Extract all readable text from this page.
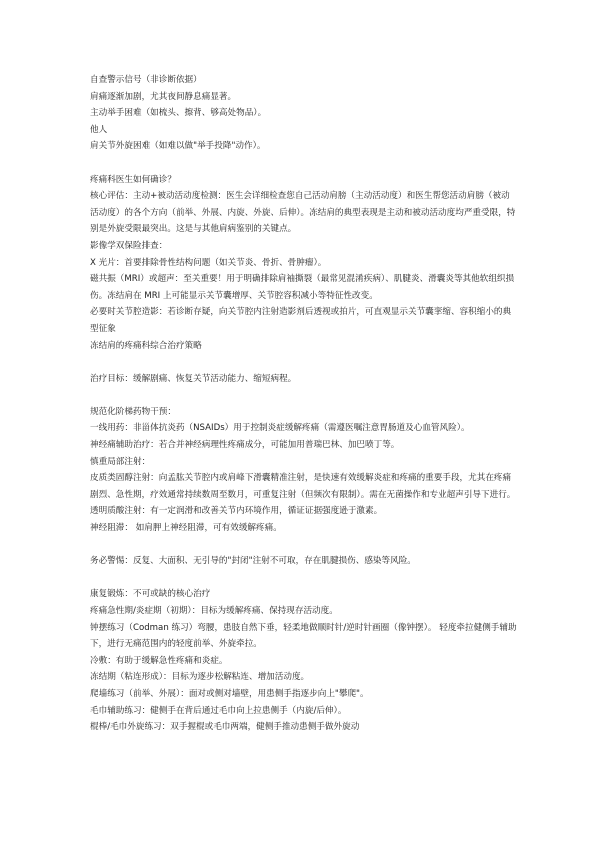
自查警示信号（非诊断依据）

肩痛逐渐加剧，尤其夜间静息痛显著。

主动举手困难（如梳头、擦背、够高处物品）。

他人

肩关节外旋困难（如难以做"举手投降"动作）。

疼痛科医生如何确诊？

核心评估：主动+被动活动度检测：医生会详细检查您自己活动肩膀（主动活动度）和医生帮您活动肩膀（被动活动度）的各个方向（前举、外展、内旋、外旋、后伸）。冻结肩的典型表现是主动和被动活动度均严重受限，特别是外旋受限最突出。这是与其他肩病鉴别的关键点。

影像学双保险排查：

X 光片：首要排除骨性结构问题（如关节炎、骨折、骨肿瘤）。

磁共振（MRI）或超声：至关重要！用于明确排除肩袖撕裂（最常见混淆疾病）、肌腱炎、滑囊炎等其他软组织损伤。冻结肩在 MRI 上可能显示关节囊增厚、关节腔容积减小等特征性改变。

必要时关节腔造影：若诊断存疑，向关节腔内注射造影剂后透视或拍片，可直观显示关节囊挛缩、容积缩小的典型征象

冻结肩的疼痛科综合治疗策略

治疗目标：缓解剧痛、恢复关节活动能力、缩短病程。

规范化阶梯药物干预：

一线用药：非甾体抗炎药（NSAIDs）用于控制炎症缓解疼痛（需遵医嘱注意胃肠道及心血管风险）。

神经痛辅助治疗：若合并神经病理性疼痛成分，可能加用普瑞巴林、加巴喷丁等。

慎重局部注射：

皮质类固醇注射：向孟肱关节腔内或肩峰下滑囊精准注射，是快速有效缓解炎症和疼痛的重要手段，尤其在疼痛剧烈、急性期，疗效通常持续数周至数月，可重复注射（但频次有限制）。需在无菌操作和专业超声引导下进行。

透明质酸注射：有一定润滑和改善关节内环境作用，循证证据强度逊于激素。

神经阻滞： 如肩胛上神经阻滞，可有效缓解疼痛。

务必警惕：反复、大面积、无引导的"封闭"注射不可取，存在肌腱损伤、感染等风险。

康复锻炼：不可或缺的核心治疗

疼痛急性期/炎症期（初期）：目标为缓解疼痛、保持现存活动度。

钟摆练习（Codman 练习）弯腰，患肢自然下垂，轻柔地做顺时针/逆时针画圈（像钟摆）。 轻度牵拉健侧手辅助下，进行无痛范围内的轻度前举、外旋牵拉。

冷敷：有助于缓解急性疼痛和炎症。

冻结期（粘连形成）：目标为逐步松解粘连、增加活动度。

爬墙练习（前举、外展）：面对或侧对墙壁，用患侧手指逐步向上"攀爬"。

毛巾辅助练习：健侧手在背后通过毛巾向上拉患侧手（内旋/后伸）。

棍棒/毛巾外旋练习：双手握棍或毛巾两端，健侧手推动患侧手做外旋动
